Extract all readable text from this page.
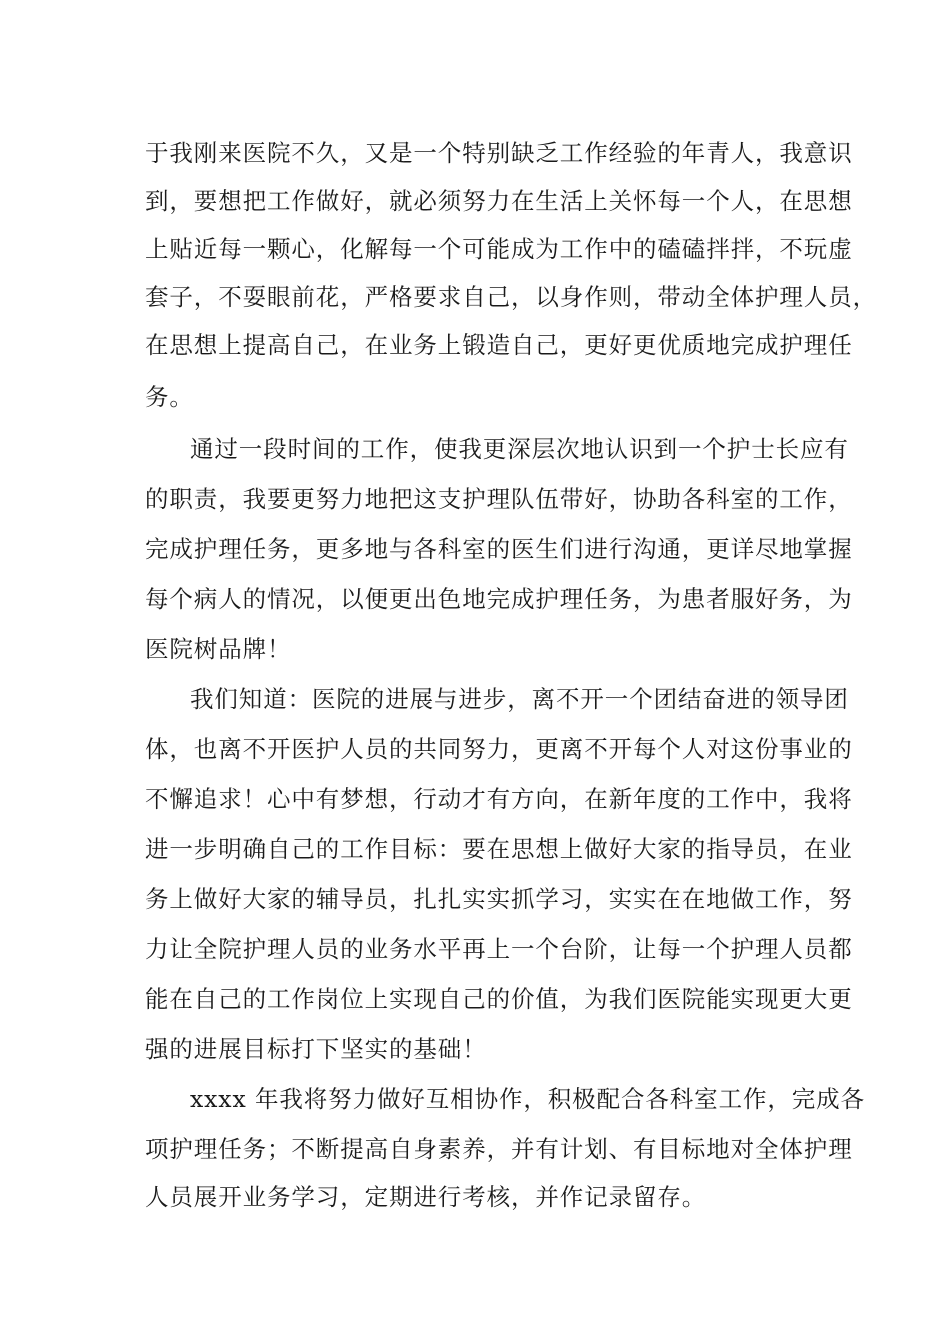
于我刚来医院不久，又是一个特别缺乏工作经验的年青人，我意识
到，要想把工作做好，就必须努力在生活上关怀每一个人，在思想
上贴近每一颗心，化解每一个可能成为工作中的磕磕拌拌，不玩虚
套子，不耍眼前花，严格要求自己，以身作则，带动全体护理人员，
在思想上提高自己，在业务上锻造自己，更好更优质地完成护理任
务。
通过一段时间的工作，使我更深层次地认识到一个护士长应有
的职责，我要更努力地把这支护理队伍带好，协助各科室的工作，
完成护理任务，更多地与各科室的医生们进行沟通，更详尽地掌握
每个病人的情况，以便更出色地完成护理任务，为患者服好务，为
医院树品牌！
我们知道：医院的进展与进步，离不开一个团结奋进的领导团
体，也离不开医护人员的共同努力，更离不开每个人对这份事业的
不懈追求！心中有梦想，行动才有方向，在新年度的工作中，我将
进一步明确自己的工作目标：要在思想上做好大家的指导员，在业
务上做好大家的辅导员，扎扎实实抓学习，实实在在地做工作，努
力让全院护理人员的业务水平再上一个台阶，让每一个护理人员都
能在自己的工作岗位上实现自己的价值，为我们医院能实现更大更
强的进展目标打下坚实的基础！
xxxx 年我将努力做好互相协作，积极配合各科室工作，完成各
项护理任务；不断提高自身素养，并有计划、有目标地对全体护理
人员展开业务学习，定期进行考核，并作记录留存。
